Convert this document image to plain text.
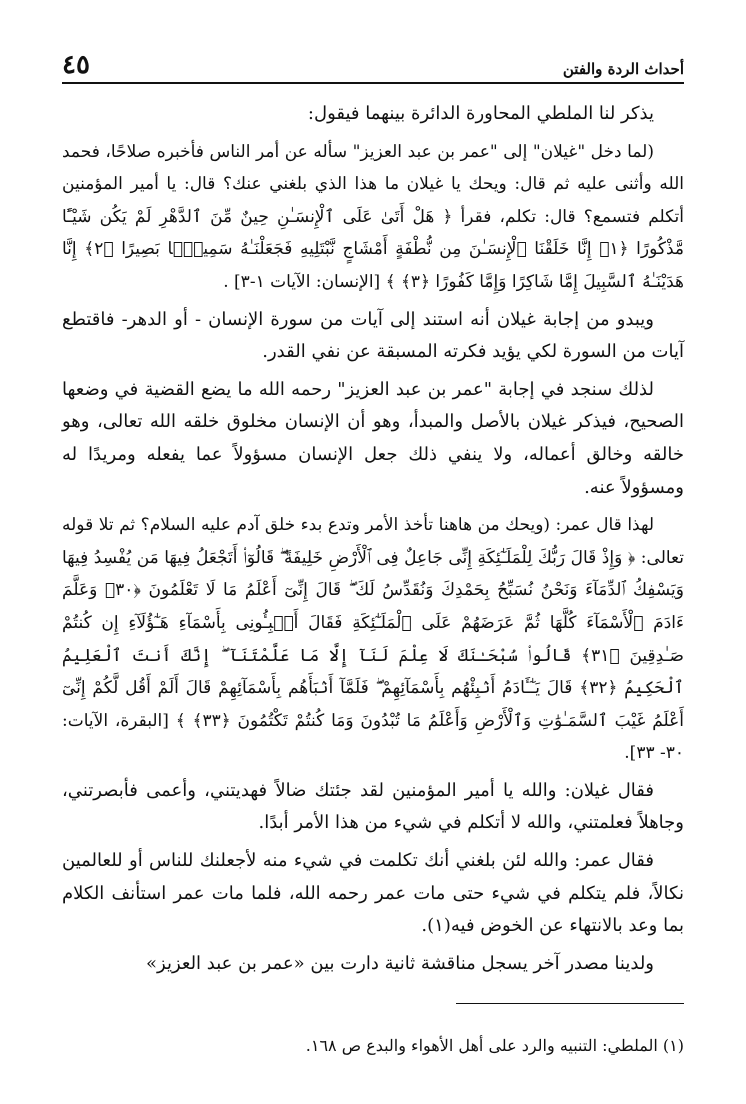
أحداث الردة والفتن
٤٥

يذكر لنا الملطي المحاورة الدائرة بينهما فيقول:

(لما دخل "غيلان" إلى "عمر بن عبد العزيز" سأله عن أمر الناس فأخبره صلاحًا، فحمد الله وأثنى عليه ثم قال: ويحك يا غيلان ما هذا الذي بلغني عنك؟ قال: يا أمير المؤمنين أتكلم فتسمع؟ قال: تكلم، فقرأ ﴿ هَلْ أَتَىٰ عَلَى ٱلْإِنسَـٰنِ حِينٌ مِّنَ ٱلدَّهْرِ لَمْ يَكُن شَيْـًٔا مَّذْكُورًا ﴿١﴾ إِنَّا خَلَقْنَا ٱلْإِنسَـٰنَ مِن نُّطْفَةٍ أَمْشَاجٍ نَّبْتَلِيهِ فَجَعَلْنَـٰهُ سَمِيعًۢا بَصِيرًا ﴿٢﴾ إِنَّا هَدَيْنَـٰهُ ٱلسَّبِيلَ إِمَّا شَاكِرًا وَإِمَّا كَفُورًا ﴿٣﴾ ﴾ [الإنسان: الآيات ١-٣] .

ويبدو من إجابة غيلان أنه استند إلى آيات من سورة الإنسان - أو الدهر- فاقتطع آيات من السورة لكي يؤيد فكرته المسبقة عن نفي القدر.

لذلك سنجد في إجابة "عمر بن عبد العزيز" رحمه الله ما يضع القضية في وضعها الصحيح، فيذكر غيلان بالأصل والمبدأ، وهو أن الإنسان مخلوق خلقه الله تعالى، وهو خالقه وخالق أعماله، ولا ينفي ذلك جعل الإنسان مسؤولاً عما يفعله ومريدًا له ومسؤولاً عنه.

لهذا قال عمر: (ويحك من هاهنا تأخذ الأمر وتدع بدء خلق آدم عليه السلام؟ ثم تلا قوله تعالى: ﴿ وَإِذْ قَالَ رَبُّكَ لِلْمَلَـٰٓئِكَةِ إِنِّى جَاعِلٌ فِى ٱلْأَرْضِ خَلِيفَةً ۖ قَالُوٓا۟ أَتَجْعَلُ فِيهَا مَن يُفْسِدُ فِيهَا وَيَسْفِكُ ٱلدِّمَآءَ وَنَحْنُ نُسَبِّحُ بِحَمْدِكَ وَنُقَدِّسُ لَكَ ۖ قَالَ إِنِّىٓ أَعْلَمُ مَا لَا تَعْلَمُونَ ﴿٣٠﴾ وَعَلَّمَ ءَادَمَ ٱلْأَسْمَآءَ كُلَّهَا ثُمَّ عَرَضَهُمْ عَلَى ٱلْمَلَـٰٓئِكَةِ فَقَالَ أَنۢبِـُٔونِى بِأَسْمَآءِ هَـٰٓؤُلَآءِ إِن كُنتُمْ صَـٰدِقِينَ ﴿٣١﴾ قَالُوا۟ سُبْحَـٰنَكَ لَا عِلْمَ لَنَآ إِلَّا مَا عَلَّمْتَنَآ ۖ إِنَّكَ أَنتَ ٱلْعَلِيمُ ٱلْحَكِيمُ ﴿٣٢﴾ قَالَ يَـٰٓـَٔادَمُ أَنۢبِئْهُم بِأَسْمَآئِهِمْ ۖ فَلَمَّآ أَنۢبَأَهُم بِأَسْمَآئِهِمْ قَالَ أَلَمْ أَقُل لَّكُمْ إِنِّىٓ أَعْلَمُ غَيْبَ ٱلسَّمَـٰوَٰتِ وَٱلْأَرْضِ وَأَعْلَمُ مَا تُبْدُونَ وَمَا كُنتُمْ تَكْتُمُونَ ﴿٣٣﴾ ﴾ [البقرة، الآيات: ٣٠- ٣٣].

فقال غيلان: والله يا أمير المؤمنين لقد جئتك ضالاً فهديتني، وأعمى فأبصرتني، وجاهلاً فعلمتني، والله لا أتكلم في شيء من هذا الأمر أبدًا.

فقال عمر: والله لئن بلغني أنك تكلمت في شيء منه لأجعلنك للناس أو للعالمين نكالاً، فلم يتكلم في شيء حتى مات عمر رحمه الله، فلما مات عمر استأنف الكلام بما وعد بالانتهاء عن الخوض فيه(١).

ولدينا مصدر آخر يسجل مناقشة ثانية دارت بين «عمر بن عبد العزيز»

(١) الملطي: التنبيه والرد على أهل الأهواء والبدع ص ١٦٨.
